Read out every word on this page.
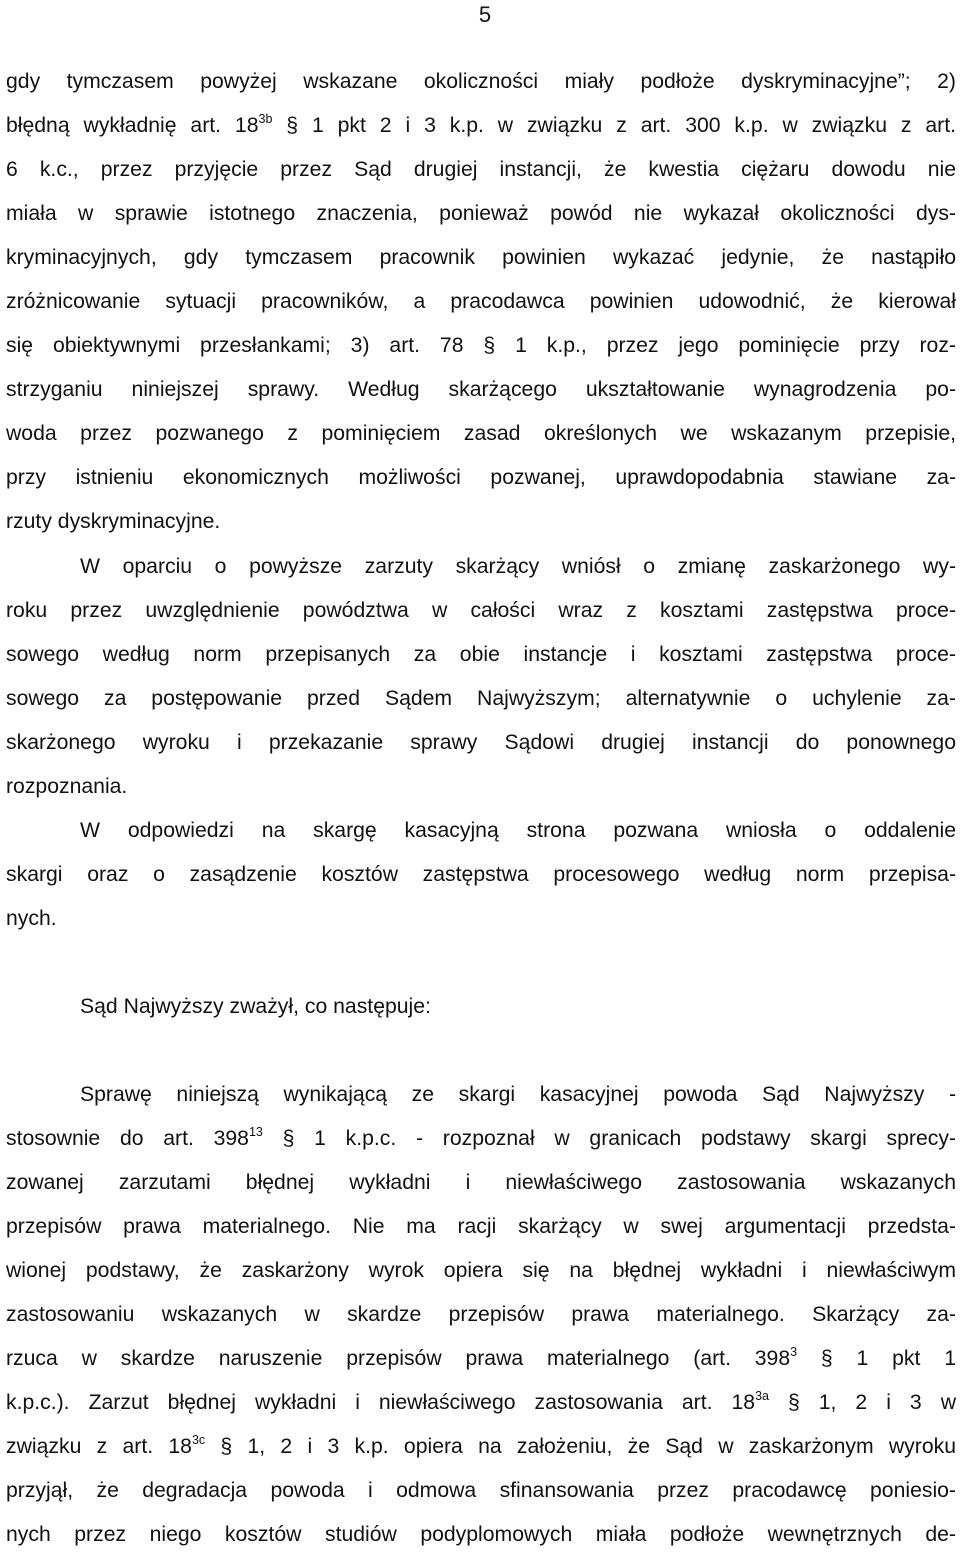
5
gdy tymczasem powyżej wskazane okoliczności miały podłoże dyskryminacyjne”; 2)
błędną wykładnię art. $18^{3b}$ § 1 pkt 2 i 3 k.p. w związku z art. 300 k.p. w związku z art.
6 k.c., przez przyjęcie przez Sąd drugiej instancji, że kwestia ciężaru dowodu nie
miała w sprawie istotnego znaczenia, ponieważ powód nie wykazał okoliczności dys-
kryminacyjnych, gdy tymczasem pracownik powinien wykazać jedynie, że nastąpiło
zróżnicowanie sytuacji pracowników, a pracodawca powinien udowodnić, że kierował
się obiektywnymi przesłankami; 3) art. 78 § 1 k.p., przez jego pominięcie przy roz-
strzyganiu niniejszej sprawy. Według skarżącego ukształtowanie wynagrodzenia po-
woda przez pozwanego z pominięciem zasad określonych we wskazanym przepisie,
przy istnieniu ekonomicznych możliwości pozwanej, uprawdopodabnia stawiane za-
rzuty dyskryminacyjne.
W oparciu o powyższe zarzuty skarżący wniósł o zmianę zaskarżonego wy-
roku przez uwzględnienie powództwa w całości wraz z kosztami zastępstwa proce-
sowego według norm przepisanych za obie instancje i kosztami zastępstwa proce-
sowego za postępowanie przed Sądem Najwyższym; alternatywnie o uchylenie za-
skarżonego wyroku i przekazanie sprawy Sądowi drugiej instancji do ponownego
rozpoznania.
W odpowiedzi na skargę kasacyjną strona pozwana wniosła o oddalenie
skargi oraz o zasądzenie kosztów zastępstwa procesowego według norm przepisa-
nych.
Sąd Najwyższy zważył, co następuje:
Sprawę niniejszą wynikającą ze skargi kasacyjnej powoda Sąd Najwyższy -
stosownie do art. $398^{13}$ § 1 k.p.c. - rozpoznał w granicach podstawy skargi sprecy-
zowanej zarzutami błędnej wykładni i niewłaściwego zastosowania wskazanych
przepisów prawa materialnego. Nie ma racji skarżący w swej argumentacji przedsta-
wionej podstawy, że zaskarżony wyrok opiera się na błędnej wykładni i niewłaściwym
zastosowaniu wskazanych w skardze przepisów prawa materialnego. Skarżący za-
rzuca w skardze naruszenie przepisów prawa materialnego (art. $398^3$ § 1 pkt 1
k.p.c.). Zarzut błędnej wykładni i niewłaściwego zastosowania art. $18^{3a}$ § 1, 2 i 3 w
związku z art. $18^{3c}$ § 1, 2 i 3 k.p. opiera na założeniu, że Sąd w zaskarżonym wyroku
przyjął, że degradacja powoda i odmowa sfinansowania przez pracodawcę poniesio-
nych przez niego kosztów studiów podyplomowych miała podłoże wewnętrznych de-
